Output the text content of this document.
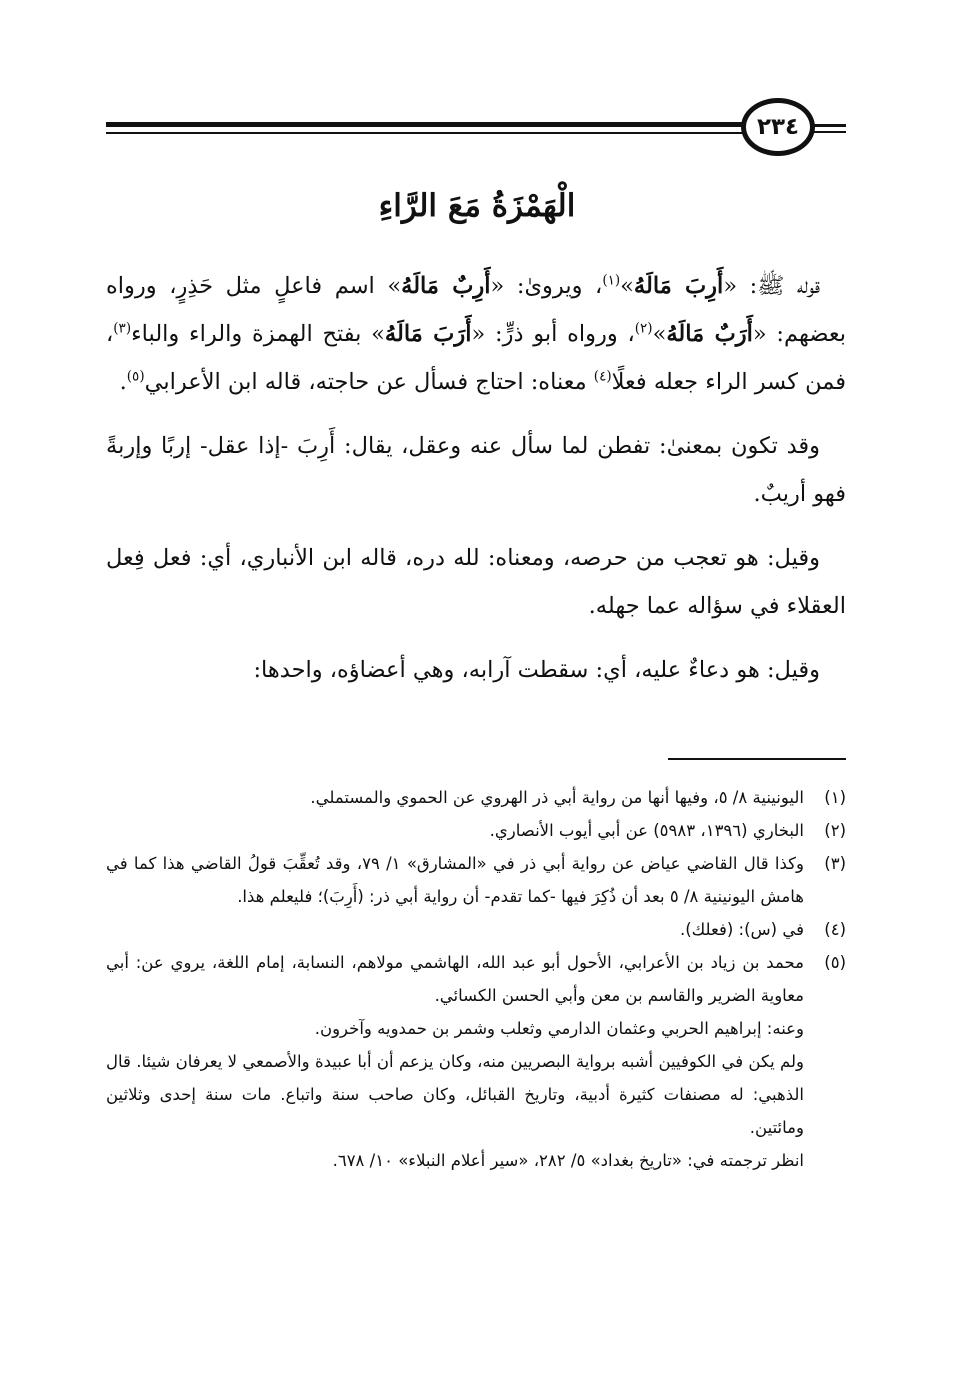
٢٣٤
الْهَمْزَةُ مَعَ الرَّاءِ

قوله ﷺ: «أَرِبَ مَالَهُ»$^{(١)}$، ويروىٰ: «أَرِبٌ مَالَهُ» اسم فاعلٍ مثل حَذِرٍ، ورواه بعضهم: «أَرَبٌ مَالَهُ»$^{(٢)}$، ورواه أبو ذرٍّ: «أَرَبَ مَالَهُ» بفتح الهمزة والراء والباء$^{(٣)}$، فمن كسر الراء جعله فعلًا$^{(٤)}$ معناه: احتاج فسأل عن حاجته، قاله ابن الأعرابي$^{(٥)}$.

وقد تكون بمعنىٰ: تفطن لما سأل عنه وعقل، يقال: أَرِبَ -إذا عقل- إربًا وإربةً فهو أريبٌ.

وقيل: هو تعجب من حرصه، ومعناه: لله دره، قاله ابن الأنباري، أي: فعل فِعل العقلاء في سؤاله عما جهله.

وقيل: هو دعاءٌ عليه، أي: سقطت آرابه، وهي أعضاؤه، واحدها:

(١)
اليونينية ٨/ ٥، وفيها أنها من رواية أبي ذر الهروي عن الحموي والمستملي.
(٢)
البخاري (١٣٩٦، ٥٩٨٣) عن أبي أيوب الأنصاري.
(٣)
وكذا قال القاضي عياض عن رواية أبي ذر في «المشارق» ١/ ٧٩، وقد تُعقِّبَ قولُ القاضي هذا كما في هامش اليونينية ٨/ ٥ بعد أن ذُكِرَ فيها -كما تقدم- أن رواية أبي ذر: (أَرِبَ)؛ فليعلم هذا.
(٤)
في (س): (فعلك).
(٥)
محمد بن زياد بن الأعرابي، الأحول أبو عبد الله، الهاشمي مولاهم، النسابة، إمام اللغة، يروي عن: أبي معاوية الضرير والقاسم بن معن وأبي الحسن الكسائي.
وعنه: إبراهيم الحربي وعثمان الدارمي وثعلب وشمر بن حمدويه وآخرون.
ولم يكن في الكوفيين أشبه برواية البصريين منه، وكان يزعم أن أبا عبيدة والأصمعي لا يعرفان شيئا. قال الذهبي: له مصنفات كثيرة أدبية، وتاريخ القبائل، وكان صاحب سنة واتباع. مات سنة إحدى وثلاثين ومائتين.
انظر ترجمته في: «تاريخ بغداد» ٥/ ٢٨٢، «سير أعلام النبلاء» ١٠/ ٦٧٨.
